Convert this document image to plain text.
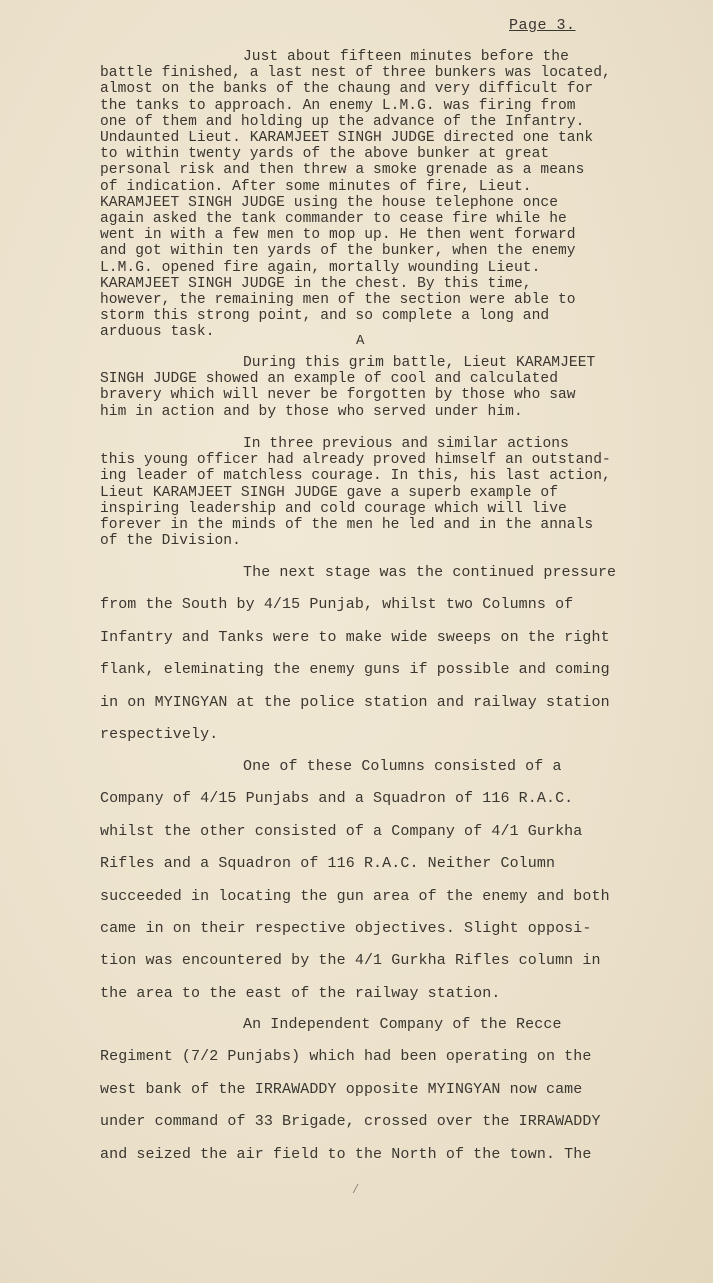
Page 3.
Just about fifteen minutes before the
battle finished, a last nest of three bunkers was located,
almost on the banks of the chaung and very difficult for
the tanks to approach. An enemy L.M.G. was firing from
one of them and holding up the advance of the Infantry.
Undaunted Lieut. KARAMJEET SINGH JUDGE directed one tank
to within twenty yards of the above bunker at great
personal risk and then threw a smoke grenade as a means
of indication. After some minutes of fire, Lieut.
KARAMJEET SINGH JUDGE using the house telephone once
again asked the tank commander to cease fire while he
went in with a few men to mop up. He then went forward
and got within ten yards of the bunker, when the enemy
L.M.G. opened fire again, mortally wounding Lieut.
KARAMJEET SINGH JUDGE in the chest. By this time,
however, the remaining men of the section were able to
storm this strong point, and so complete a long and
arduous task.
A
During this grim battle, Lieut KARAMJEET
SINGH JUDGE showed an example of cool and calculated
bravery which will never be forgotten by those who saw
him in action and by those who served under him.
In three previous and similar actions
this young officer had already proved himself an outstand-
ing leader of matchless courage. In this, his last action,
Lieut KARAMJEET SINGH JUDGE gave a superb example of
inspiring leadership and cold courage which will live
forever in the minds of the men he led and in the annals
of the Division.
The next stage was the continued pressure
from the South by 4/15 Punjab, whilst two Columns of
Infantry and Tanks were to make wide sweeps on the right
flank, eleminating the enemy guns if possible and coming
in on MYINGYAN at the police station and railway station
respectively.
One of these Columns consisted of a
Company of 4/15 Punjabs and a Squadron of 116 R.A.C.
whilst the other consisted of a Company of 4/1 Gurkha
Rifles and a Squadron of 116 R.A.C. Neither Column
succeeded in locating the gun area of the enemy and both
came in on their respective objectives. Slight opposi-
tion was encountered by the 4/1 Gurkha Rifles column in
the area to the east of the railway station.
An Independent Company of the Recce
Regiment (7/2 Punjabs) which had been operating on the
west bank of the IRRAWADDY opposite MYINGYAN now came
under command of 33 Brigade, crossed over the IRRAWADDY
and seized the air field to the North of the town. The
/
